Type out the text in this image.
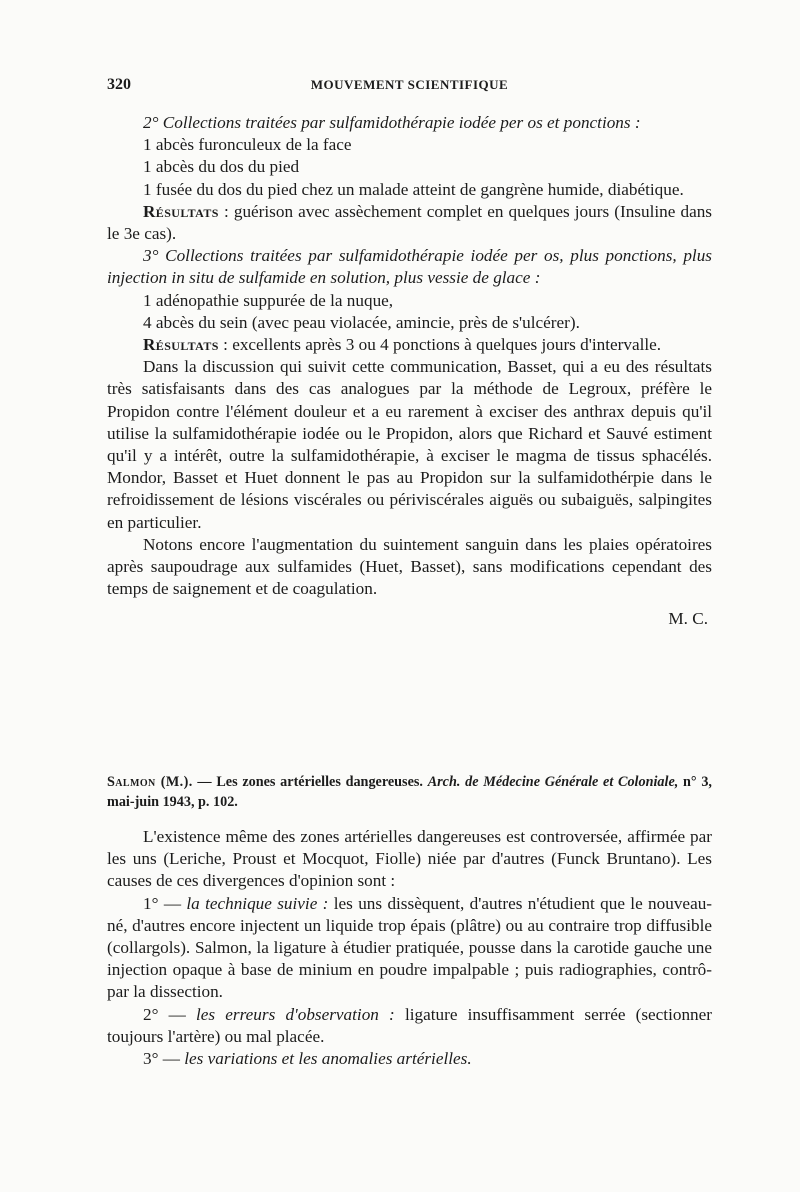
320	MOUVEMENT SCIENTIFIQUE

2° Collections traitées par sulfamidothérapie iodée per os et ponctions :

1 abcès furonculeux de la face

1 abcès du dos du pied

1 fusée du dos du pied chez un malade atteint de gangrène humide, diabétique.

Résultats : guérison avec assèchement complet en quelques jours (Insuline dans le 3e cas).

3° Collections traitées par sulfamidothérapie iodée per os, plus ponctions, plus injection in situ de sulfamide en solution, plus vessie de glace :

1 adénopathie suppurée de la nuque,

4 abcès du sein (avec peau violacée, amincie, près de s'ulcérer).

Résultats : excellents après 3 ou 4 ponctions à quelques jours d'intervalle.

Dans la discussion qui suivit cette communication, Basset, qui a eu des résultats très satisfaisants dans des cas analogues par la méthode de Legroux, préfère le Propidon contre l'élément douleur et a eu rarement à exciser des anthrax depuis qu'il utilise la sulfamidothérapie iodée ou le Propidon, alors que Richard et Sauvé estiment qu'il y a intérêt, outre la sulfamidothérapie, à exciser le magma de tissus sphacélés. Mondor, Basset et Huet donnent le pas au Propidon sur la sulfamidothérpie dans le refroidissement de lésions viscérales ou périviscérales aiguës ou subaiguës, salpingites en particulier.

Notons encore l'augmentation du suintement sanguin dans les plaies opératoires après saupoudrage aux sulfamides (Huet, Basset), sans modifications cependant des temps de saignement et de coagulation.

M. C.

Salmon (M.). — Les zones artérielles dangereuses. Arch. de Médecine Générale et Coloniale, n° 3, mai-juin 1943, p. 102.

L'existence même des zones artérielles dangereuses est controversée, affirmée par les uns (Leriche, Proust et Mocquot, Fiolle) niée par d'autres (Funck Bruntano). Les causes de ces divergences d'opinion sont :

1° — la technique suivie : les uns dissèquent, d'autres n'étudient que le nouveau-né, d'autres encore injectent un liquide trop épais (plâtre) ou au contraire trop diffusible (collargols). Salmon, la ligature à étudier pratiquée, pousse dans la carotide gauche une injection opaque à base de minium en poudre impalpable ; puis radiographies, contrôpar la dissection.

2° — les erreurs d'observation : ligature insuffisamment serrée (sectionner toujours l'artère) ou mal placée.

3° — les variations et les anomalies artérielles.
